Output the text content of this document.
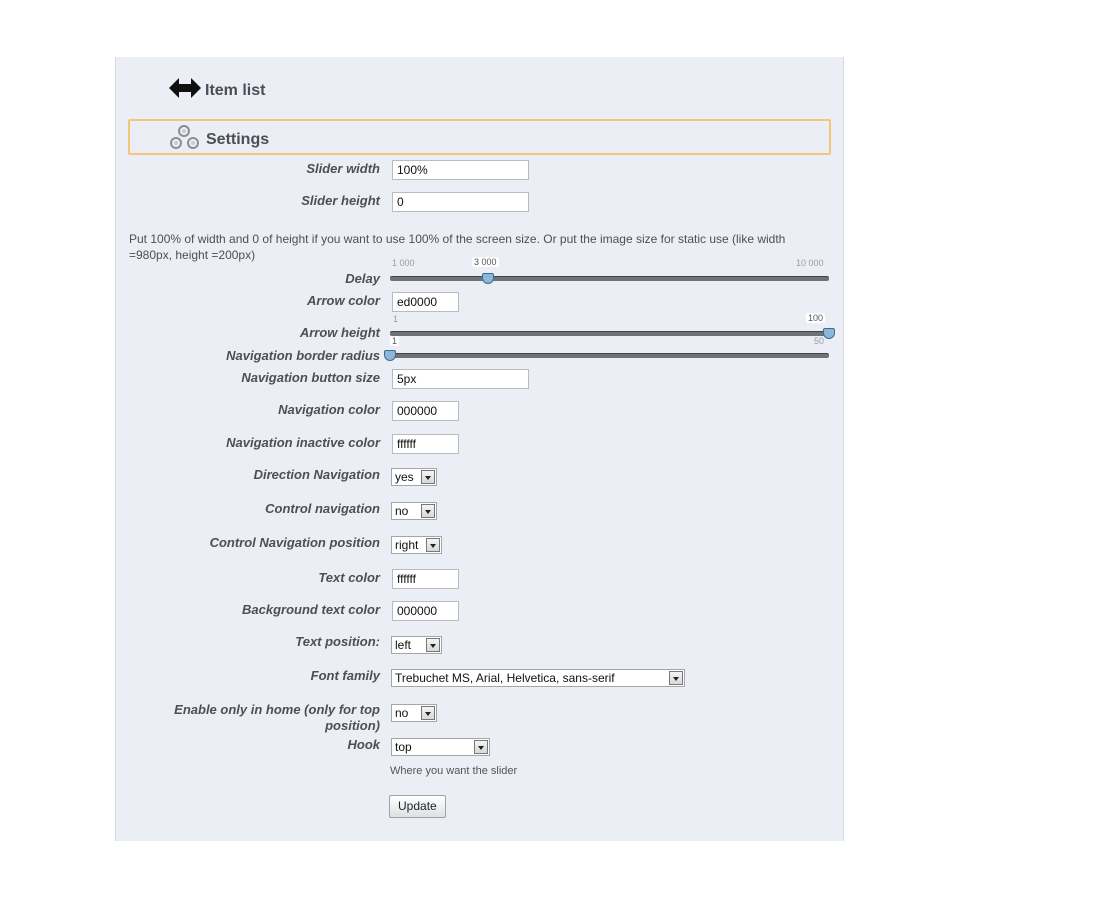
Item list
Settings
Slider width	100%
Slider height	0
Put 100% of width and 0 of height if you want to use 100% of the screen size. Or put the image size for static use (like width =980px, height =200px)
Delay
1 000	10 000
3 000
Arrow color	ed0000
Arrow height
1	100
Navigation border radius
1	50
Navigation button size	5px
Navigation color	000000
Navigation inactive color	ffffff
Direction Navigation	yes
Control navigation	no
Control Navigation position	right
Text color	ffffff
Background text color	000000
Text position:	left
Font family	Trebuchet MS, Arial, Helvetica, sans-serif
Enable only in home (only for top position)
no
Hook	top
Where you want the slider
Update
